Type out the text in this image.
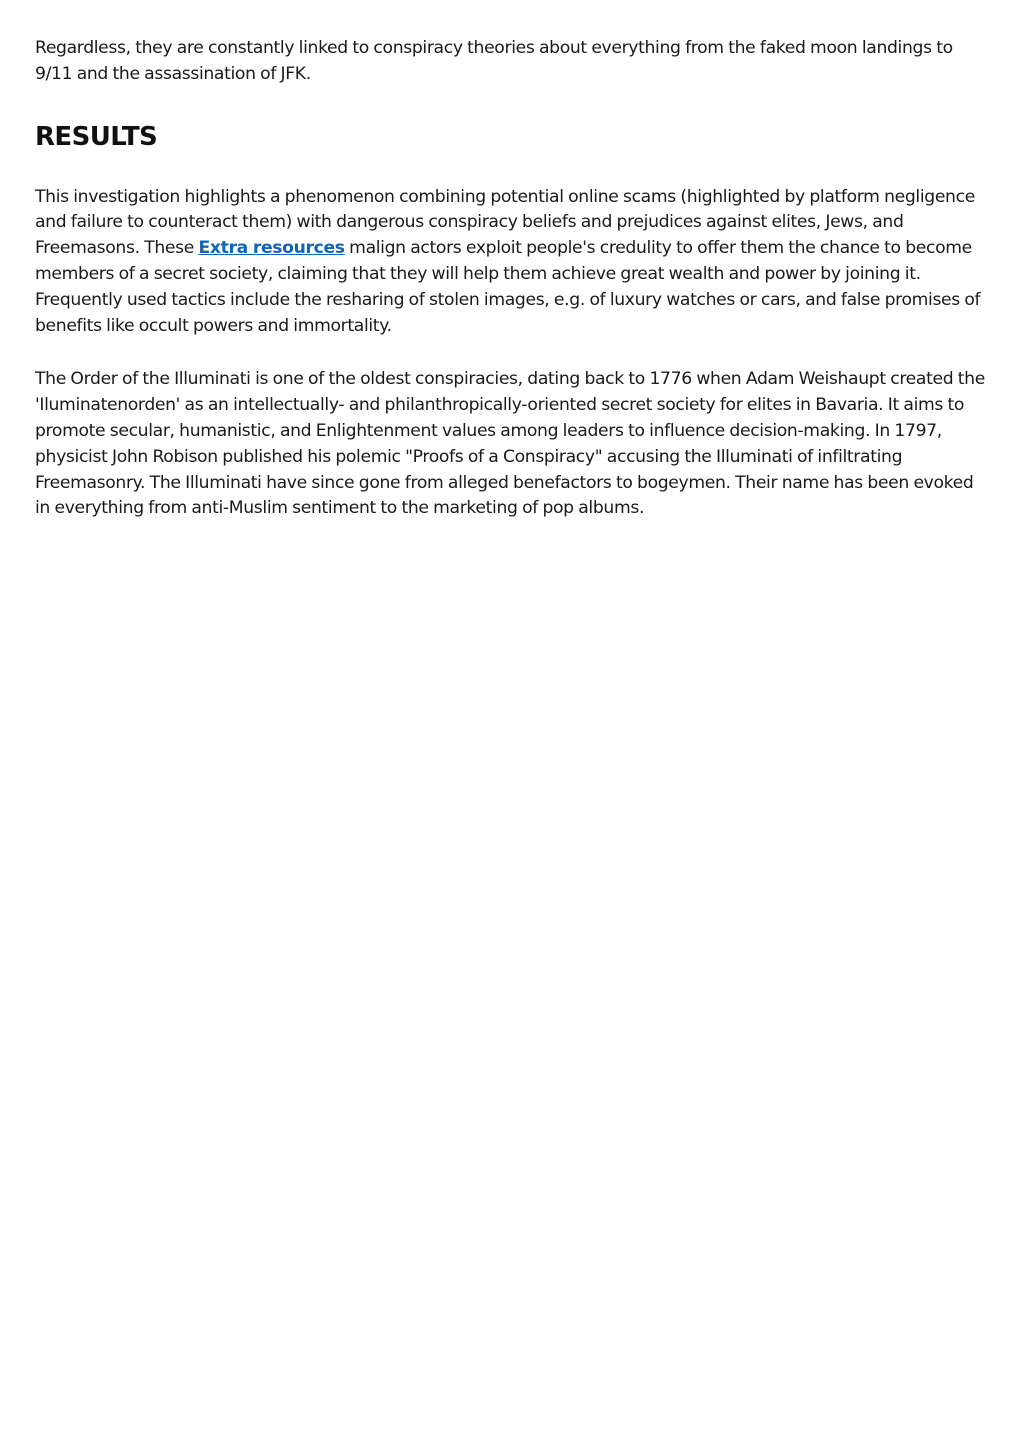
Regardless, they are constantly linked to conspiracy theories about everything from the faked moon landings to 9/11 and the assassination of JFK.

RESULTS

This investigation highlights a phenomenon combining potential online scams (highlighted by platform negligence and failure to counteract them) with dangerous conspiracy beliefs and prejudices against elites, Jews, and Freemasons. These Extra resources malign actors exploit people's credulity to offer them the chance to become members of a secret society, claiming that they will help them achieve great wealth and power by joining it. Frequently used tactics include the resharing of stolen images, e.g. of luxury watches or cars, and false promises of benefits like occult powers and immortality.

The Order of the Illuminati is one of the oldest conspiracies, dating back to 1776 when Adam Weishaupt created the 'Iluminatenorden' as an intellectually- and philanthropically-oriented secret society for elites in Bavaria. It aims to promote secular, humanistic, and Enlightenment values among leaders to influence decision-making. In 1797, physicist John Robison published his polemic "Proofs of a Conspiracy" accusing the Illuminati of infiltrating Freemasonry. The Illuminati have since gone from alleged benefactors to bogeymen. Their name has been evoked in everything from anti-Muslim sentiment to the marketing of pop albums.
